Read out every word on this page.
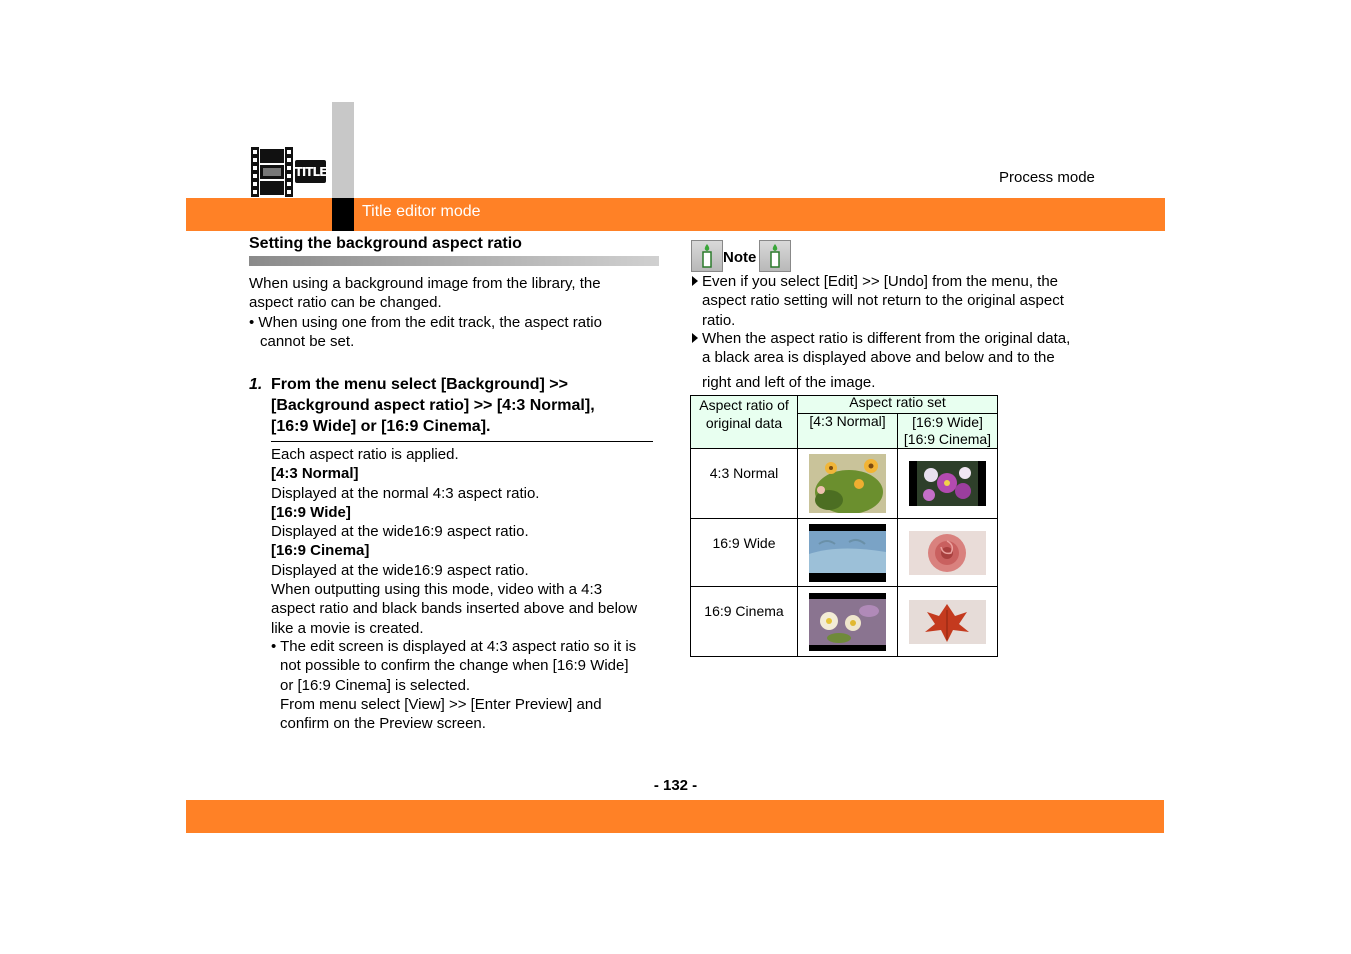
TITLE	Process mode
Title editor mode
Setting the background aspect ratio
When using a background image from the library, the
aspect ratio can be changed.
• When using one from the edit track, the aspect ratio
cannot be set.
1. From the menu select [Background] >>
[Background aspect ratio] >> [4:3 Normal],
[16:9 Wide] or [16:9 Cinema].
Each aspect ratio is applied.
[4:3 Normal]
Displayed at the normal 4:3 aspect ratio.
[16:9 Wide]
Displayed at the wide16:9 aspect ratio.
[16:9 Cinema]
Displayed at the wide16:9 aspect ratio.
When outputting using this mode, video with a 4:3
aspect ratio and black bands inserted above and below
like a movie is created.
• The edit screen is displayed at 4:3 aspect ratio so it is
not possible to confirm the change when [16:9 Wide]
or [16:9 Cinema] is selected.
From menu select [View] >> [Enter Preview] and
confirm on the Preview screen.
Note
Even if you select [Edit] >> [Undo] from the menu, the
aspect ratio setting will not return to the original aspect
ratio.
When the aspect ratio is different from the original data,
a black area is displayed above and below and to the
right and left of the image.
Aspect ratio of
original data	Aspect ratio set	
	[4:3 Normal]	[16:9 Wide]
[16:9 Cinema]

4:3 Normal	

16:9 Wide	

16:9 Cinema	

- 132 -
